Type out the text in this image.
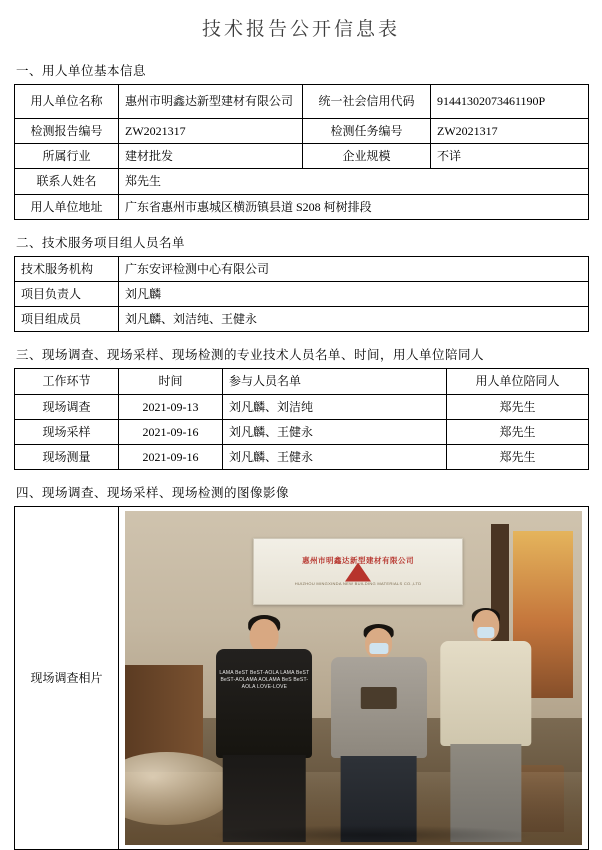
技术报告公开信息表
一、用人单位基本信息
用人单位名称	惠州市明鑫达新型建材有限公司	统一社会信用代码	91441302073461190P
检测报告编号	ZW2021317	检测任务编号	ZW2021317
所属行业	建材批发	企业规模	不详
联系人姓名	郑先生		
用人单位地址	广东省惠州市惠城区横沥镇县道 S208 柯树排段		
二、技术服务项目组人员名单
技术服务机构	广东安评检测中心有限公司
项目负责人	刘凡麟
项目组成员	刘凡麟、刘洁纯、王健永
三、现场调查、现场采样、现场检测的专业技术人员名单、时间，用人单位陪同人
工作环节	时间	参与人员名单	用人单位陪同人
现场调查	2021-09-13	刘凡麟、刘洁纯	郑先生
现场采样	2021-09-16	刘凡麟、王健永	郑先生
现场测量	2021-09-16	刘凡麟、王健永	郑先生
四、现场调查、现场采样、现场检测的图像影像
现场调查相片	
惠州市明鑫达新型建材有限公司
HUIZHOU MINGXINDA NEW BUILDING MATERIALS CO.,LTD
LAMA BeST BeST-AOLA LAMA BeST BeST-AOLAMA AOLAMA BeS BeST-AOLA LOVE-LOVE
